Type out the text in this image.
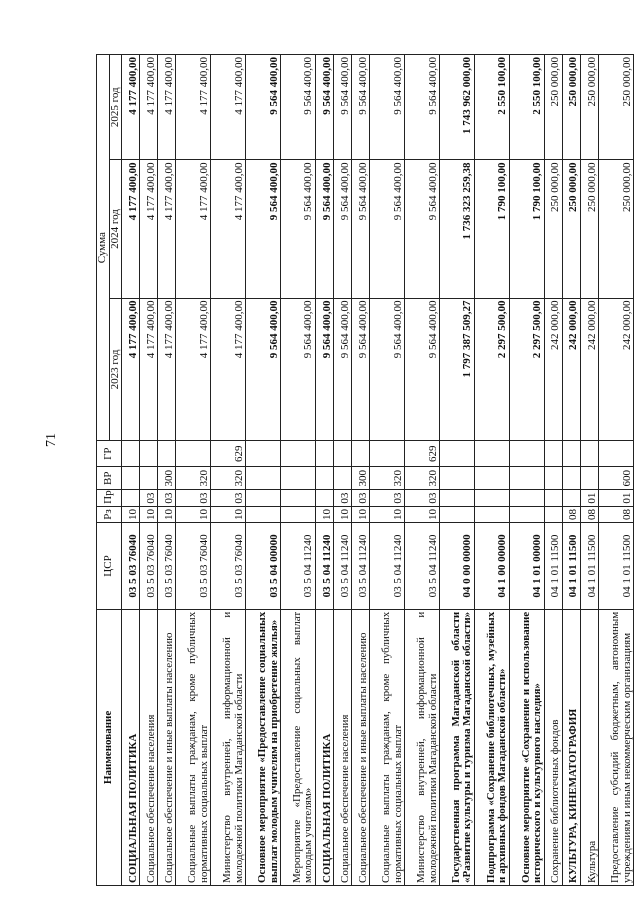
71
Наименование	ЦСР	Рз	Пр	ВР	ГР	Сумма		
						2023 год	2024 год	2025 год
СОЦИАЛЬНАЯ ПОЛИТИКА	03 5 03 76040	10				4 177 400,00	4 177 400,00	4 177 400,00
Социальное обеспечение населения	03 5 03 76040	10	03			4 177 400,00	4 177 400,00	4 177 400,00
Социальное обеспечение и иные выплаты населению	03 5 03 76040	10	03	300		4 177 400,00	4 177 400,00	4 177 400,00
Социальные выплаты гражданам, кроме публичных нормативных социальных выплат	03 5 03 76040	10	03	320		4 177 400,00	4 177 400,00	4 177 400,00
Министерство внутренней, информационной и молодежной политики Магаданской области	03 5 03 76040	10	03	320	629	4 177 400,00	4 177 400,00	4 177 400,00
Основное мероприятие «Предоставление социальных выплат молодым учителям на приобретение жилья»	03 5 04 00000					9 564 400,00	9 564 400,00	9 564 400,00
Мероприятие «Предоставление социальных выплат молодым учителям»	03 5 04 11240					9 564 400,00	9 564 400,00	9 564 400,00
СОЦИАЛЬНАЯ ПОЛИТИКА	03 5 04 11240	10				9 564 400,00	9 564 400,00	9 564 400,00
Социальное обеспечение населения	03 5 04 11240	10	03			9 564 400,00	9 564 400,00	9 564 400,00
Социальное обеспечение и иные выплаты населению	03 5 04 11240	10	03	300		9 564 400,00	9 564 400,00	9 564 400,00
Социальные выплаты гражданам, кроме публичных нормативных социальных выплат	03 5 04 11240	10	03	320		9 564 400,00	9 564 400,00	9 564 400,00
Министерство внутренней, информационной и молодежной политики Магаданской области	03 5 04 11240	10	03	320	629	9 564 400,00	9 564 400,00	9 564 400,00
Государственная программа Магаданской области «Развитие культуры и туризма Магаданской области»	04 0 00 00000					1 797 387 509,27	1 736 323 259,38	1 743 962 000,00
Подпрограмма «Сохранение библиотечных, музейных и архивных фондов Магаданской области»	04 1 00 00000					2 297 500,00	1 790 100,00	2 550 100,00
Основное мероприятие «Сохранение и использование исторического и культурного наследия»	04 1 01 00000					2 297 500,00	1 790 100,00	2 550 100,00
Сохранение библиотечных фондов	04 1 01 11500					242 000,00	250 000,00	250 000,00
КУЛЬТУРА, КИНЕМАТОГРАФИЯ	04 1 01 11500	08				242 000,00	250 000,00	250 000,00
Культура	04 1 01 11500	08	01			242 000,00	250 000,00	250 000,00
Предоставление субсидий бюджетным, автономным учреждениям и иным некоммерческим организациям	04 1 01 11500	08	01	600		242 000,00	250 000,00	250 000,00
